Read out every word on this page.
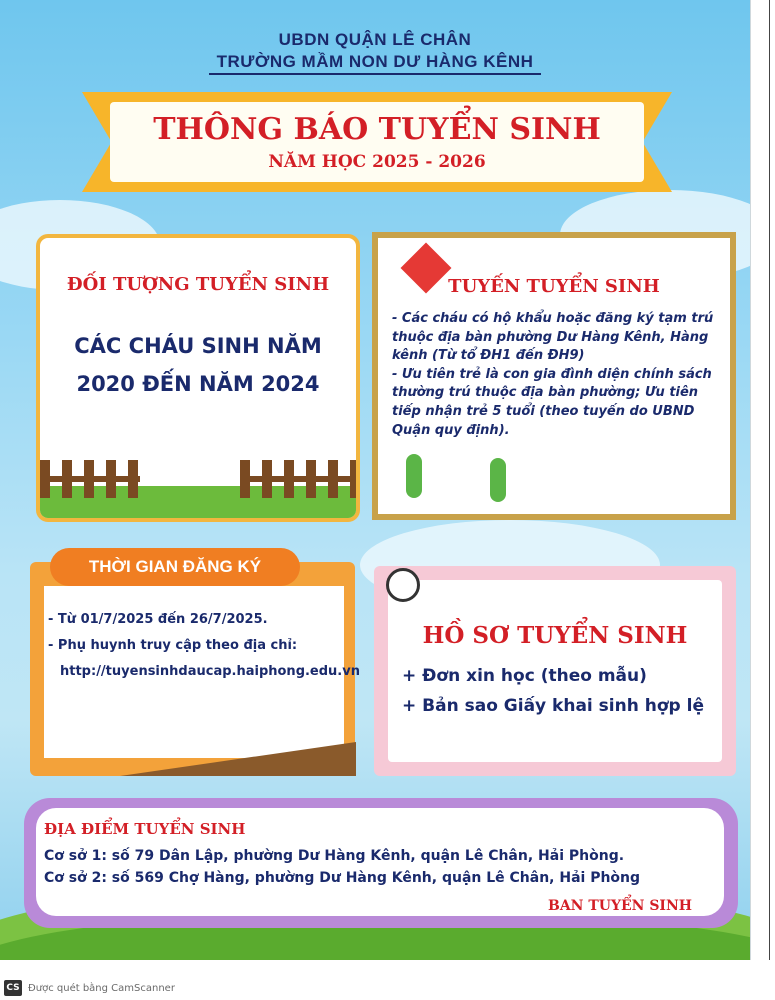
UBDN QUẬN LÊ CHÂN
TRƯỜNG MẦM NON DƯ HÀNG KÊNH
THÔNG BÁO TUYỂN SINH
NĂM HỌC 2025 - 2026
ĐỐI TƯỢNG TUYỂN SINH
CÁC CHÁU SINH NĂM
2020 ĐẾN NĂM 2024
TUYẾN TUYỂN SINH
- Các cháu có hộ khẩu hoặc đăng ký tạm trú thuộc địa bàn phường Dư Hàng Kênh, Hàng kênh (Từ tổ ĐH1 đến ĐH9)
- Ưu tiên trẻ là con gia đình diện chính sách thường trú thuộc địa bàn phường; Ưu tiên tiếp nhận trẻ 5 tuổi (theo tuyến do UBND Quận quy định).
THỜI GIAN ĐĂNG KÝ
- Từ 01/7/2025 đến 26/7/2025.
- Phụ huynh truy cập theo địa chỉ:
http://tuyensinhdaucap.haiphong.edu.vn
HỒ SƠ TUYỂN SINH
+ Đơn xin học (theo mẫu)
+ Bản sao Giấy khai sinh hợp lệ
ĐỊA ĐIỂM TUYỂN SINH
Cơ sở 1: số 79 Dân Lập, phường Dư Hàng Kênh, quận Lê Chân, Hải Phòng.
Cơ sở 2: số 569 Chợ Hàng, phường Dư Hàng Kênh, quận Lê Chân, Hải Phòng
BAN TUYỂN SINH
CS Được quét bằng CamScanner
